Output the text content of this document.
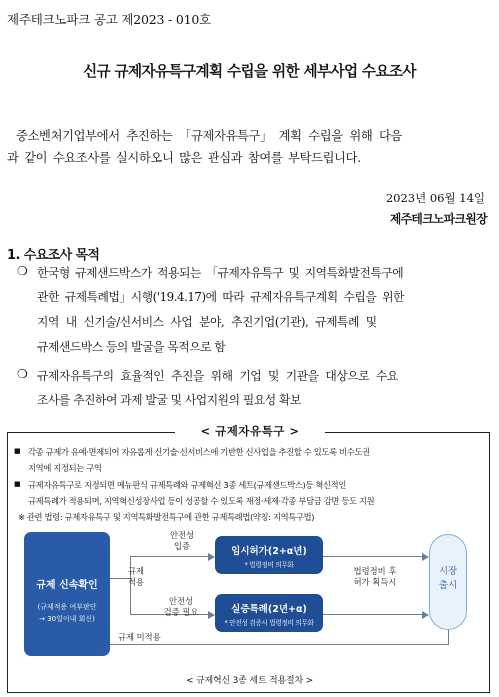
제주테크노파크 공고 제2023 - 010호
신규 규제자유특구계획 수립을 위한 세부사업 수요조사
중소벤처기업부에서 추진하는 「규제자유특구」 계획 수립을 위해 다음
과 같이 수요조사를 실시하오니 많은 관심과 참여를 부탁드립니다.
2023년 06월 14일
제주테크노파크원장
1. 수요조사 목적
❍ 한국형 규제샌드박스가 적용되는 「규제자유특구 및 지역특화발전특구에
관한 규제특례법」시행('19.4.17)에 따라 규제자유특구계획 수립을 위한
지역 내 신기술/신서비스 사업 분야, 추진기업(기관), 규제특례 및
규제샌드박스 등의 발굴을 목적으로 함
❍ 규제자유특구의 효율적인 추진을 위해 기업 및 기관을 대상으로 수요
조사를 추진하여 과제 발굴 및 사업지원의 필요성 확보
< 규제자유특구 >
■ 각종 규제가 유예·면제되어 자유롭게 신기술·신서비스에 기반한 신사업을 추진할 수 있도록 비수도권
지역에 지정되는 구역
■ 규제자유특구로 지정되면 메뉴판식 규제특례와 규제혁신 3종 세트(규제샌드박스)등 혁신적인
규제특례가 적용되며, 지역혁신성장사업 등이 성공할 수 있도록 재정·세제·각종 부담금 감면 등도 지원
※ 관련 법령: 규제자유특구 및 지역특화발전특구에 관한 규제특례법(약칭: 지역특구법)
규제 신속확인
(규제적용 여부판단
→ 30일이내 회신)
임시허가(2+α년)
* 법령정비 의무화
실증특례(2년+α)
* 안전성 검증시 법령정비 의무화
시장
출시
규제
적용
안전성
입증
안전성
검증 필요
법령정비 후
허가 획득시
규제 미적용
< 규제혁신 3종 세트 적용절차 >
